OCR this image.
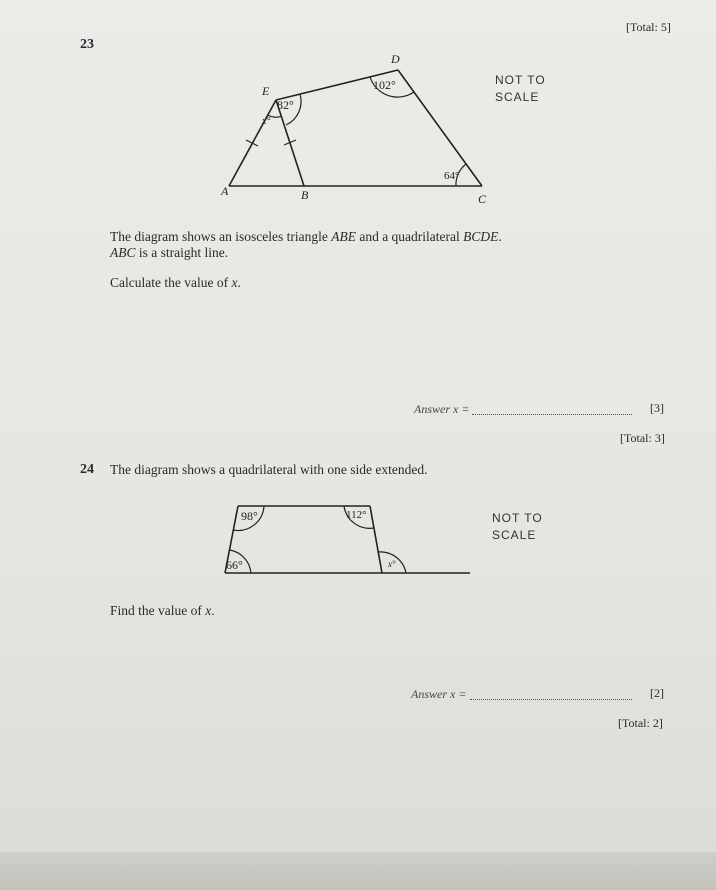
[Total: 5]
23
D
E
A	B	C
102°
82°
x°
64°
98°	112°
66°	x°
NOT TO SCALE
The diagram shows an isosceles triangle ABE and a quadrilateral BCDE.
ABC is a straight line.
Calculate the value of x.
Answer x =	[3]
[Total: 3]
24 The diagram shows a quadrilateral with one side extended.
NOT TO SCALE
Find the value of x.
Answer x =	[2]
[Total: 2]
